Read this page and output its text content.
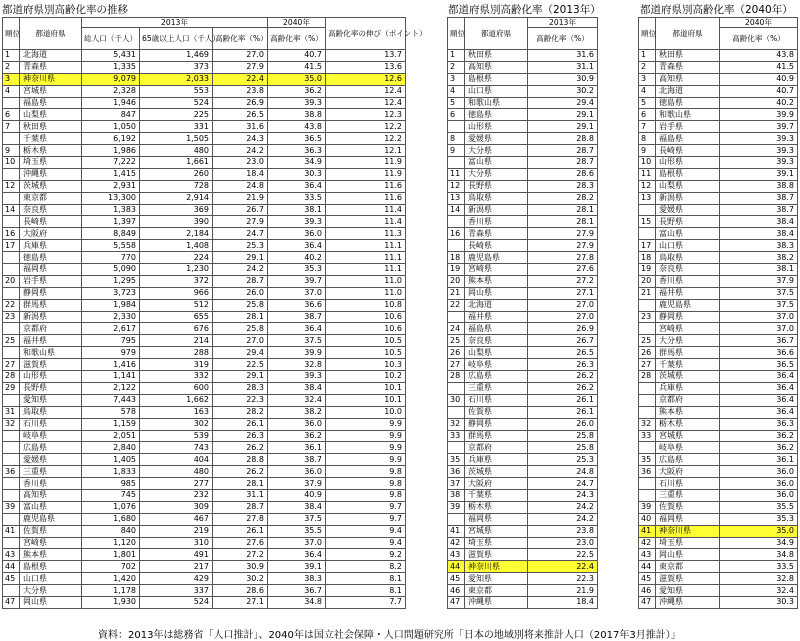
都道府県別高齢化率の推移	都道府県別高齢化率（2013年）	都道府県別高齢化率（2040年）
順位	都道府県	2013年			2040年	高齢化率の伸び（ポイント）
		総人口（千人）	65歳以上人口（千人）	高齢化率（%）	高齢化率（%）	
1	北海道	5,431	1,469	27.0	40.7	13.7
2	青森県	1,335	373	27.9	41.5	13.6
3	神奈川県	9,079	2,033	22.4	35.0	12.6
4	宮城県	2,328	553	23.8	36.2	12.4
	福島県	1,946	524	26.9	39.3	12.4
6	山梨県	847	225	26.5	38.8	12.3
7	秋田県	1,050	331	31.6	43.8	12.2
	千葉県	6,192	1,505	24.3	36.5	12.2
9	栃木県	1,986	480	24.2	36.3	12.1
10	埼玉県	7,222	1,661	23.0	34.9	11.9
	沖縄県	1,415	260	18.4	30.3	11.9
12	茨城県	2,931	728	24.8	36.4	11.6
	東京都	13,300	2,914	21.9	33.5	11.6
14	奈良県	1,383	369	26.7	38.1	11.4
	長崎県	1,397	390	27.9	39.3	11.4
16	大阪府	8,849	2,184	24.7	36.0	11.3
17	兵庫県	5,558	1,408	25.3	36.4	11.1
	徳島県	770	224	29.1	40.2	11.1
	福岡県	5,090	1,230	24.2	35.3	11.1
20	岩手県	1,295	372	28.7	39.7	11.0
	静岡県	3,723	966	26.0	37.0	11.0
22	群馬県	1,984	512	25.8	36.6	10.8
23	新潟県	2,330	655	28.1	38.7	10.6
	京都府	2,617	676	25.8	36.4	10.6
25	福井県	795	214	27.0	37.5	10.5
	和歌山県	979	288	29.4	39.9	10.5
27	滋賀県	1,416	319	22.5	32.8	10.3
28	山形県	1,141	332	29.1	39.3	10.2
29	長野県	2,122	600	28.3	38.4	10.1
	愛知県	7,443	1,662	22.3	32.4	10.1
31	鳥取県	578	163	28.2	38.2	10.0
32	石川県	1,159	302	26.1	36.0	9.9
	岐阜県	2,051	539	26.3	36.2	9.9
	広島県	2,840	743	26.2	36.1	9.9
	愛媛県	1,405	404	28.8	38.7	9.9
36	三重県	1,833	480	26.2	36.0	9.8
	香川県	985	277	28.1	37.9	9.8
	高知県	745	232	31.1	40.9	9.8
39	富山県	1,076	309	28.7	38.4	9.7
	鹿児島県	1,680	467	27.8	37.5	9.7
41	佐賀県	840	219	26.1	35.5	9.4
	宮崎県	1,120	310	27.6	37.0	9.4
43	熊本県	1,801	491	27.2	36.4	9.2
44	島根県	702	217	30.9	39.1	8.2
45	山口県	1,420	429	30.2	38.3	8.1
	大分県	1,178	337	28.6	36.7	8.1
47	岡山県	1,930	524	27.1	34.8	7.7
順位	都道府県	2013年
		高齢化率（%）
1	秋田県	31.6
2	高知県	31.1
3	島根県	30.9
4	山口県	30.2
5	和歌山県	29.4
6	徳島県	29.1
	山形県	29.1
8	愛媛県	28.8
9	大分県	28.7
	富山県	28.7
11	大分県	28.6
12	長野県	28.3
13	鳥取県	28.2
14	新潟県	28.1
	香川県	28.1
16	青森県	27.9
	長崎県	27.9
18	鹿児島県	27.8
19	宮崎県	27.6
20	熊本県	27.2
21	岡山県	27.1
22	北海道	27.0
	福井県	27.0
24	福島県	26.9
25	奈良県	26.7
26	山梨県	26.5
27	岐阜県	26.3
28	広島県	26.2
	三重県	26.2
30	石川県	26.1
	佐賀県	26.1
32	静岡県	26.0
33	群馬県	25.8
	京都府	25.8
35	兵庫県	25.3
36	茨城県	24.8
37	大阪府	24.7
38	千葉県	24.3
39	栃木県	24.2
	福岡県	24.2
41	宮城県	23.8
42	埼玉県	23.0
43	滋賀県	22.5
44	神奈川県	22.4
45	愛知県	22.3
46	東京都	21.9
47	沖縄県	18.4
順位	都道府県	2040年
		高齢化率（%）
1	秋田県	43.8
2	青森県	41.5
3	高知県	40.9
4	北海道	40.7
5	徳島県	40.2
6	和歌山県	39.9
7	岩手県	39.7
8	福島県	39.3
9	長崎県	39.3
10	山形県	39.3
11	島根県	39.1
12	山梨県	38.8
13	新潟県	38.7
	愛媛県	38.7
15	長野県	38.4
	富山県	38.4
17	山口県	38.3
18	鳥取県	38.2
19	奈良県	38.1
20	香川県	37.9
21	福井県	37.5
	鹿児島県	37.5
23	静岡県	37.0
	宮崎県	37.0
25	大分県	36.7
26	群馬県	36.6
27	千葉県	36.5
28	茨城県	36.4
	兵庫県	36.4
	京都府	36.4
	熊本県	36.4
32	栃木県	36.3
33	宮城県	36.2
	岐阜県	36.2
35	広島県	36.1
36	大阪府	36.0
	石川県	36.0
	三重県	36.0
39	佐賀県	35.5
40	福岡県	35.3
41	神奈川県	35.0
42	埼玉県	34.9
43	岡山県	34.8
44	東京都	33.5
45	滋賀県	32.8
46	愛知県	32.4
47	沖縄県	30.3
資料：2013年は総務省「人口推計」、2040年は国立社会保障・人口問題研究所「日本の地域別将来推計人口（2017年3月推計）」
